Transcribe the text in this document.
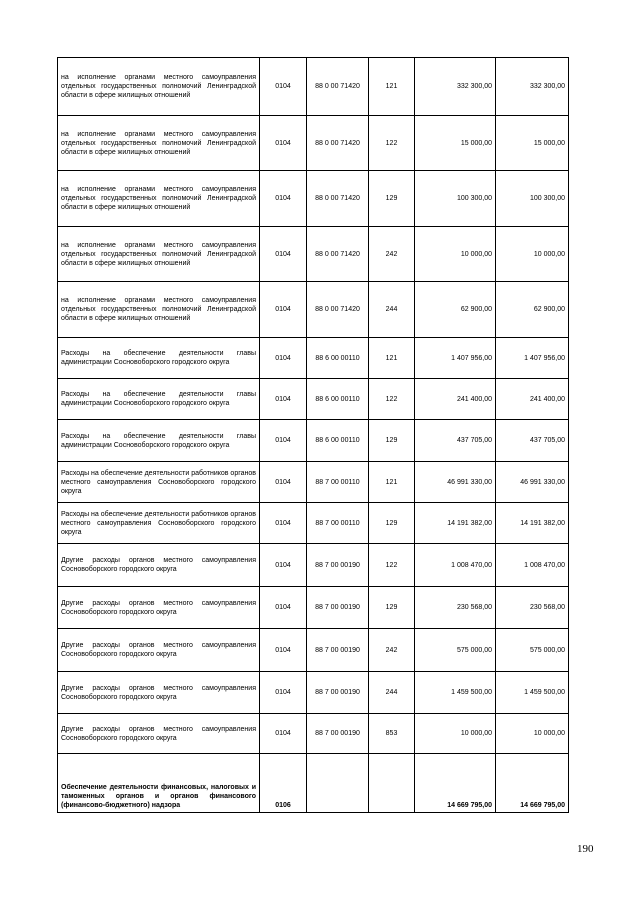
на исполнение органами местного самоуправления отдельных государственных полномочий Ленинградской области в сфере жилищных отношений	0104	88 0 00 71420	121	332 300,00	332 300,00
на исполнение органами местного самоуправления отдельных государственных полномочий Ленинградской области в сфере жилищных отношений	0104	88 0 00 71420	122	15 000,00	15 000,00
на исполнение органами местного самоуправления отдельных государственных полномочий Ленинградской области в сфере жилищных отношений	0104	88 0 00 71420	129	100 300,00	100 300,00
на исполнение органами местного самоуправления отдельных государственных полномочий Ленинградской области в сфере жилищных отношений	0104	88 0 00 71420	242	10 000,00	10 000,00
на исполнение органами местного самоуправления отдельных государственных полномочий Ленинградской области в сфере жилищных отношений	0104	88 0 00 71420	244	62 900,00	62 900,00
Расходы на обеспечение деятельности главы администрации Сосновоборского городского округа	0104	88 6 00 00110	121	1 407 956,00	1 407 956,00
Расходы на обеспечение деятельности главы администрации Сосновоборского городского округа	0104	88 6 00 00110	122	241 400,00	241 400,00
Расходы на обеспечение деятельности главы администрации Сосновоборского городского округа	0104	88 6 00 00110	129	437 705,00	437 705,00
Расходы на обеспечение деятельности работников органов местного самоуправления Сосновоборского городского округа	0104	88 7 00 00110	121	46 991 330,00	46 991 330,00
Расходы на обеспечение деятельности работников органов местного самоуправления Сосновоборского городского округа	0104	88 7 00 00110	129	14 191 382,00	14 191 382,00
Другие расходы органов местного самоуправления Сосновоборского городского округа	0104	88 7 00 00190	122	1 008 470,00	1 008 470,00
Другие расходы органов местного самоуправления Сосновоборского городского округа	0104	88 7 00 00190	129	230 568,00	230 568,00
Другие расходы органов местного самоуправления Сосновоборского городского округа	0104	88 7 00 00190	242	575 000,00	575 000,00
Другие расходы органов местного самоуправления Сосновоборского городского округа	0104	88 7 00 00190	244	1 459 500,00	1 459 500,00
Другие расходы органов местного самоуправления Сосновоборского городского округа	0104	88 7 00 00190	853	10 000,00	10 000,00
Обеспечение деятельности финансовых, налоговых и таможенных органов и органов финансового (финансово-бюджетного) надзора	0106			14 669 795,00	14 669 795,00
190
